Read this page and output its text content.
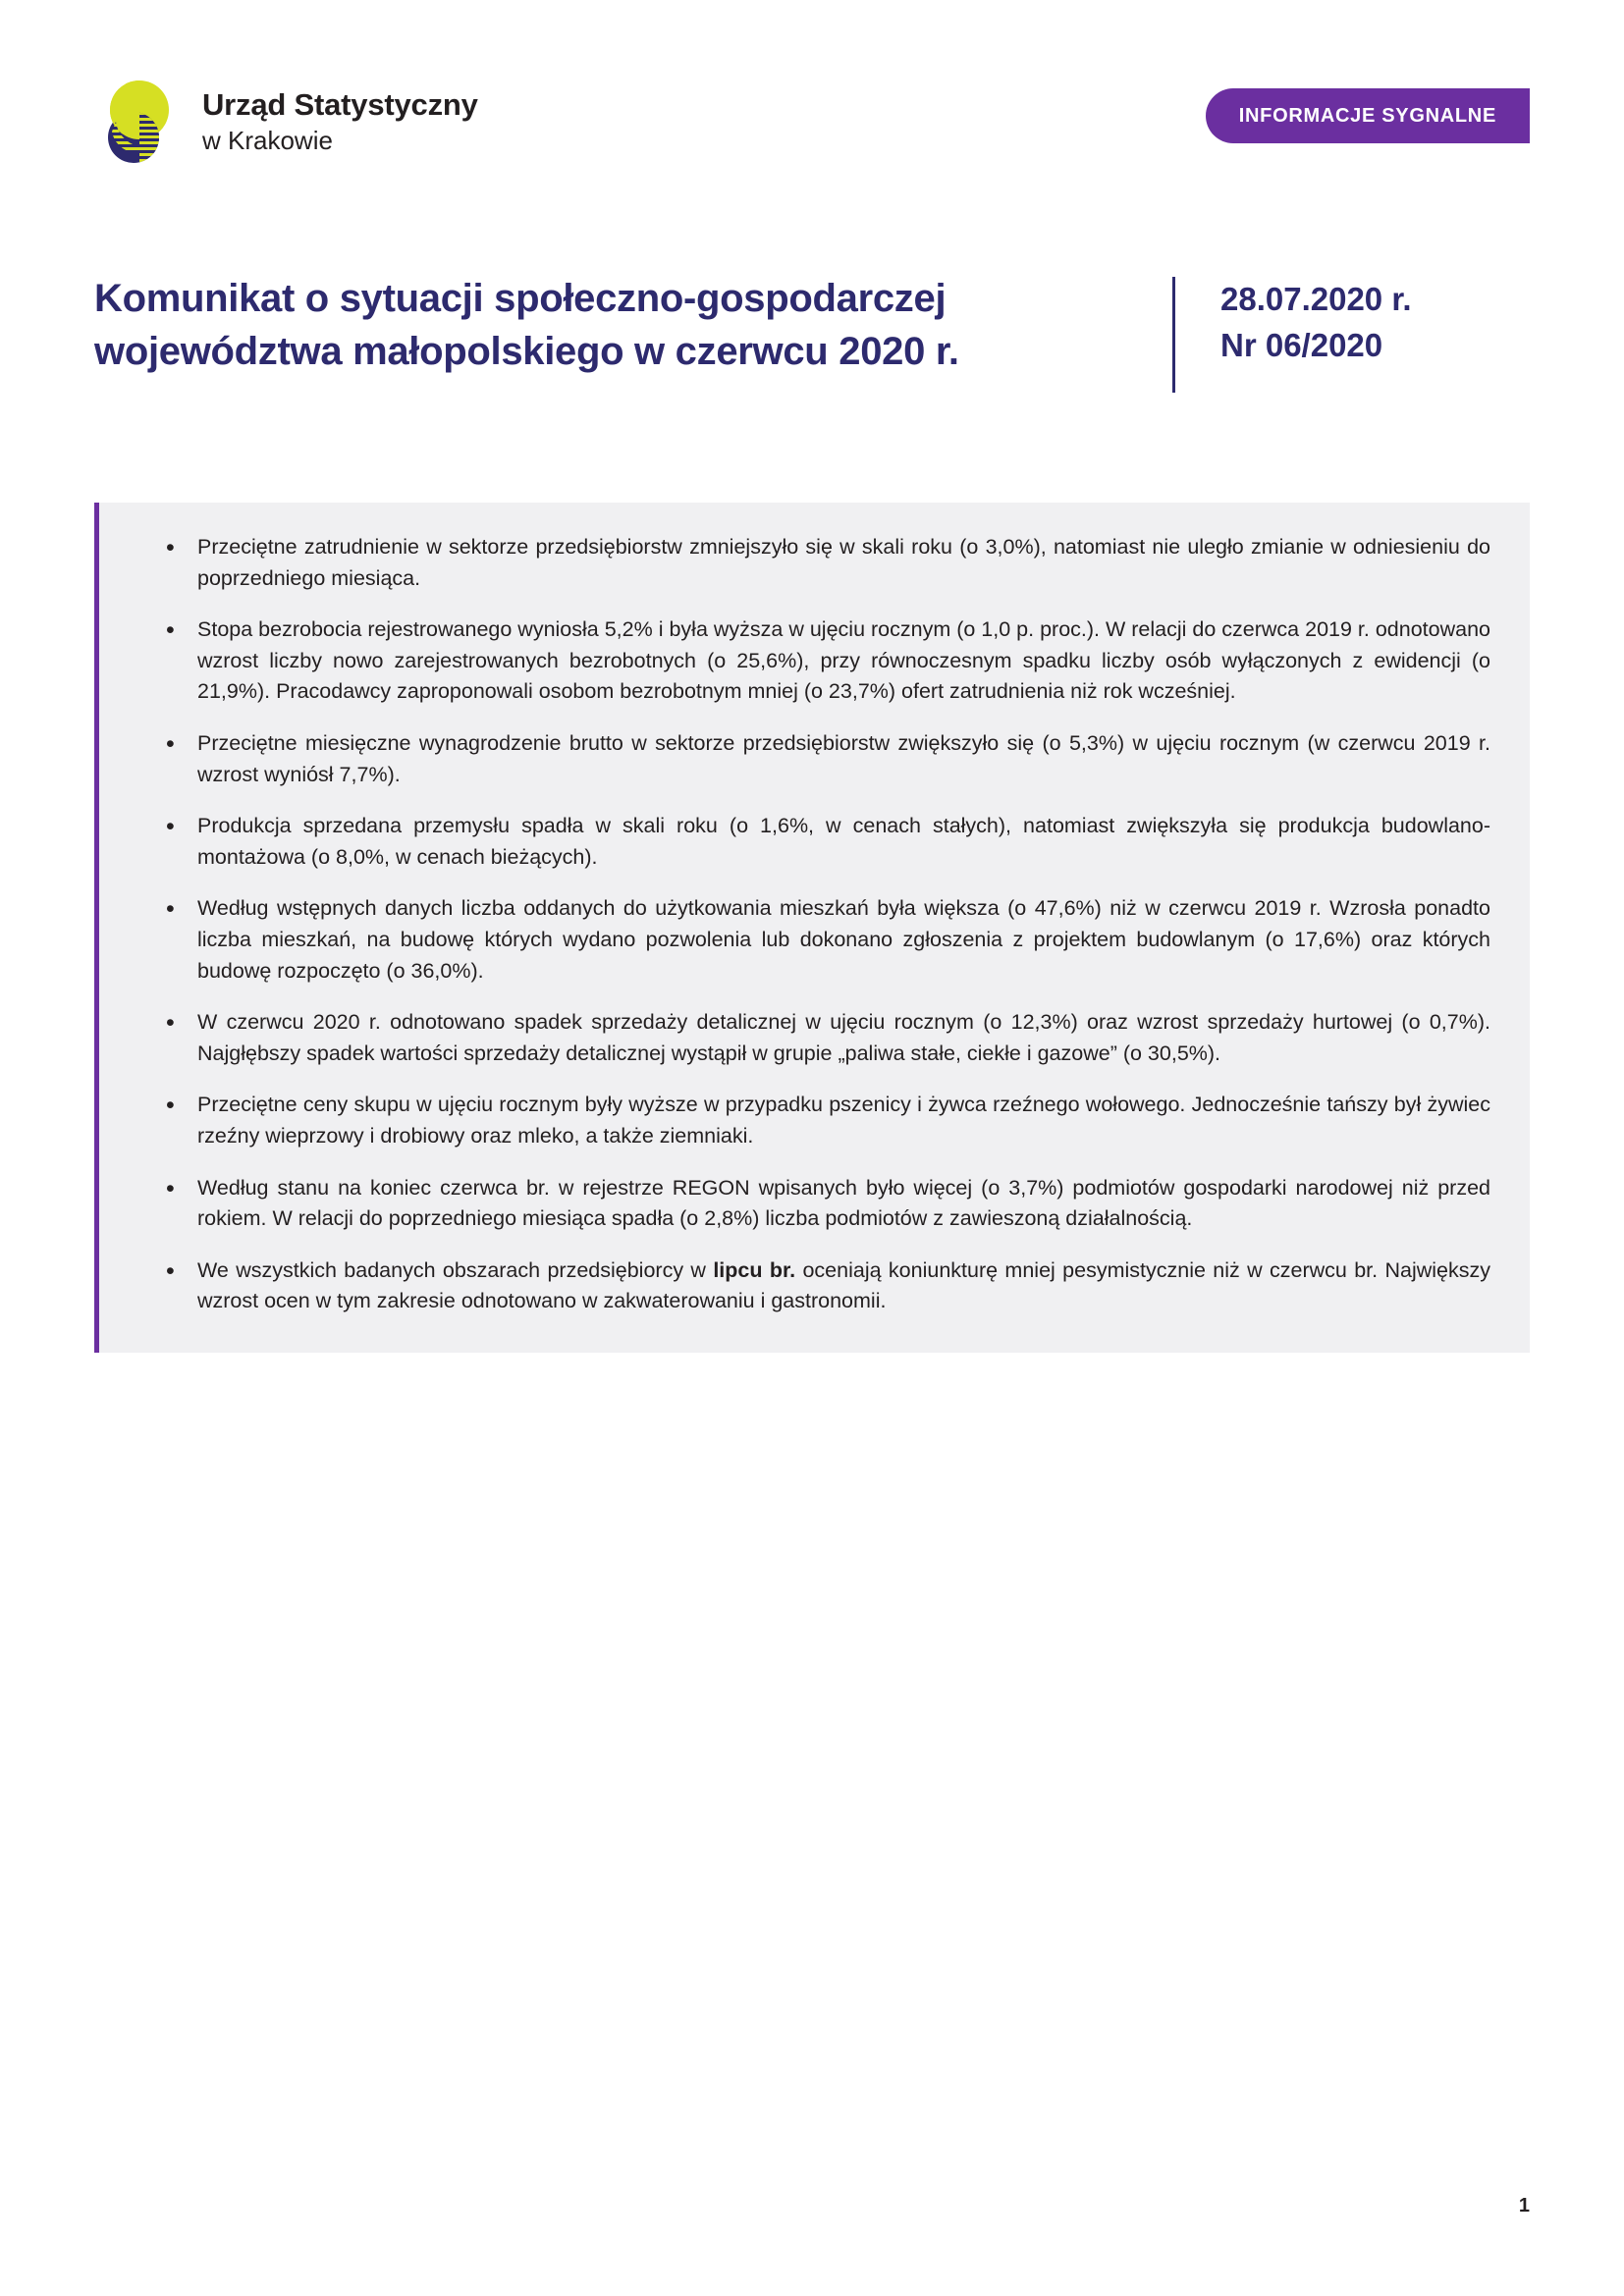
Urząd Statystyczny
w Krakowie
INFORMACJE SYGNALNE
Komunikat o sytuacji społeczno-gospodarczej
województwa małopolskiego w czerwcu 2020 r.
28.07.2020 r.
Nr 06/2020
• Przeciętne zatrudnienie w sektorze przedsiębiorstw zmniejszyło się w skali roku (o 3,0%), natomiast nie uległo zmianie w odniesieniu do poprzedniego miesiąca.
• Stopa bezrobocia rejestrowanego wyniosła 5,2% i była wyższa w ujęciu rocznym (o 1,0 p. proc.). W relacji do czerwca 2019 r. odnotowano wzrost liczby nowo zarejestrowanych bezrobotnych (o 25,6%), przy równoczesnym spadku liczby osób wyłączonych z ewidencji (o 21,9%). Pracodawcy zaproponowali osobom bezrobotnym mniej (o 23,7%) ofert zatrudnienia niż rok wcześniej.
• Przeciętne miesięczne wynagrodzenie brutto w sektorze przedsiębiorstw zwiększyło się (o 5,3%) w ujęciu rocznym (w czerwcu 2019 r. wzrost wyniósł 7,7%).
• Produkcja sprzedana przemysłu spadła w skali roku (o 1,6%, w cenach stałych), natomiast zwiększyła się produkcja budowlano-montażowa (o 8,0%, w cenach bieżących).
• Według wstępnych danych liczba oddanych do użytkowania mieszkań była większa (o 47,6%) niż w czerwcu 2019 r. Wzrosła ponadto liczba mieszkań, na budowę których wydano pozwolenia lub dokonano zgłoszenia z projektem budowlanym (o 17,6%) oraz których budowę rozpoczęto (o 36,0%).
• W czerwcu 2020 r. odnotowano spadek sprzedaży detalicznej w ujęciu rocznym (o 12,3%) oraz wzrost sprzedaży hurtowej (o 0,7%). Najgłębszy spadek wartości sprzedaży detalicznej wystąpił w grupie „paliwa stałe, ciekłe i gazowe” (o 30,5%).
• Przeciętne ceny skupu w ujęciu rocznym były wyższe w przypadku pszenicy i żywca rzeźnego wołowego. Jednocześnie tańszy był żywiec rzeźny wieprzowy i drobiowy oraz mleko, a także ziemniaki.
• Według stanu na koniec czerwca br. w rejestrze REGON wpisanych było więcej (o 3,7%) podmiotów gospodarki narodowej niż przed rokiem. W relacji do poprzedniego miesiąca spadła (o 2,8%) liczba podmiotów z zawieszoną działalnością.
• We wszystkich badanych obszarach przedsiębiorcy w lipcu br. oceniają koniunkturę mniej pesymistycznie niż w czerwcu br. Największy wzrost ocen w tym zakresie odnotowano w zakwaterowaniu i gastronomii.
1
